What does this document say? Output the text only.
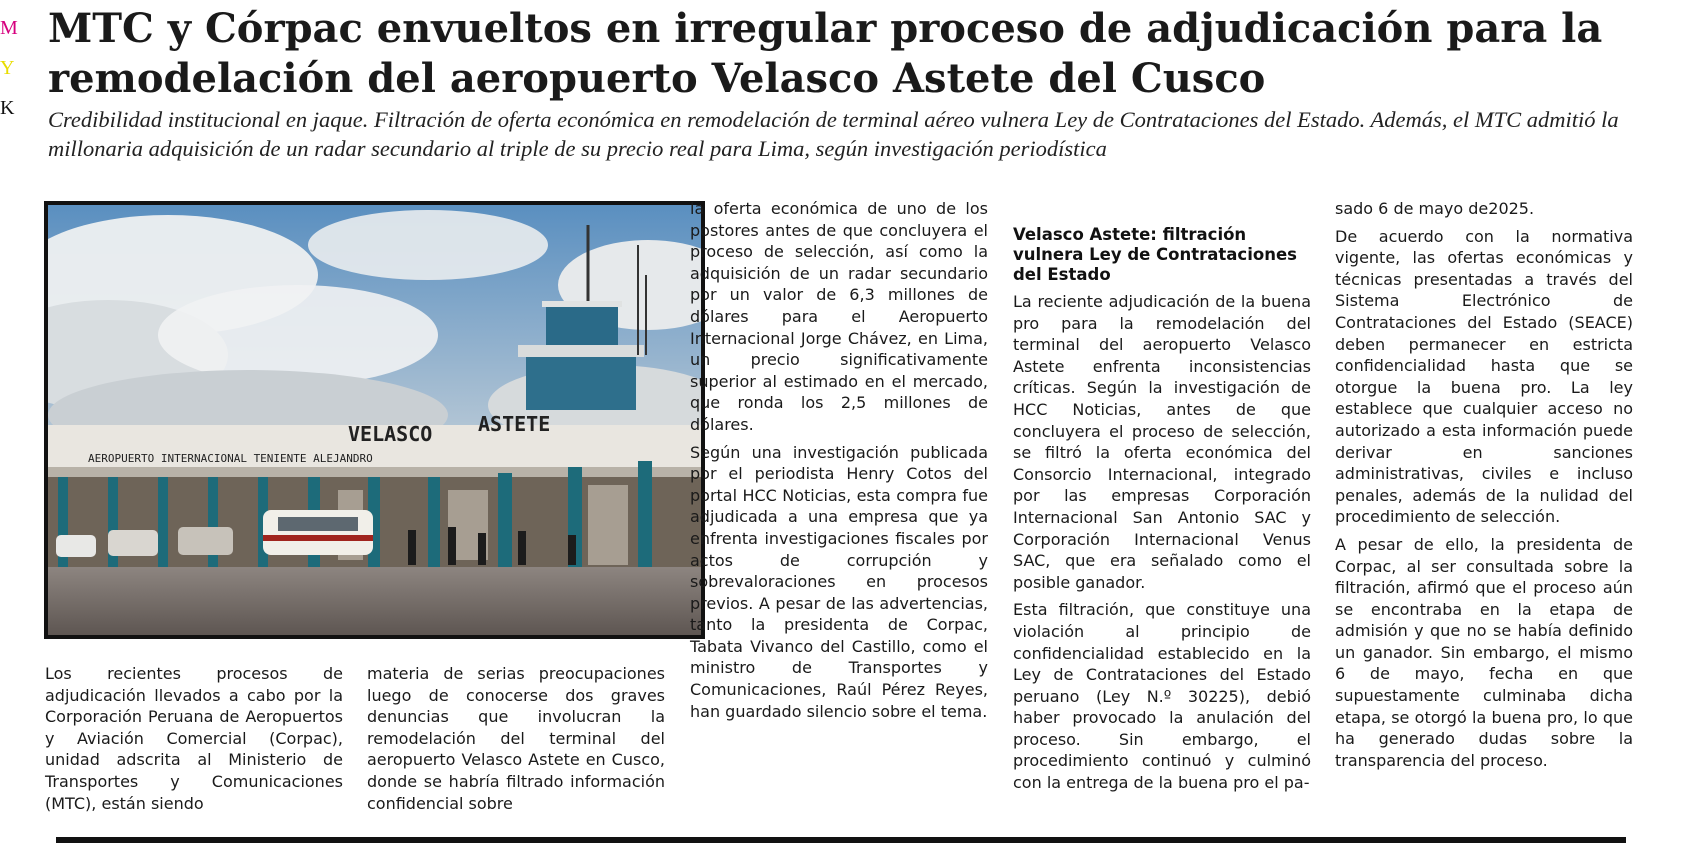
M
Y
K
MTC y Córpac envueltos en irregular proceso de adjudicación para la remodelación del aeropuerto Velasco Astete del Cusco

Credibilidad institucional en jaque. Filtración de oferta económica en remodelación de terminal aéreo vulnera Ley de Contrataciones del Estado. Además, el MTC admitió la millonaria adquisición de un radar secundario al triple de su precio real para Lima, según investigación periodística

AEROPUERTO INTERNACIONAL TENIENTE ALEJANDRO
VELASCO ASTETE

Los recientes procesos de adjudicación llevados a cabo por la Corporación Peruana de Aeropuertos y Aviación Comercial (Corpac), unidad adscrita al Ministerio de Transportes y Comunicaciones (MTC), están siendo

materia de serias preocupaciones luego de conocerse dos graves denuncias que involucran la remodelación del terminal del aeropuerto Velasco Astete en Cusco, donde se habría filtrado información confidencial sobre

la oferta económica de uno de los postores antes de que concluyera el proceso de selección, así como la adquisición de un radar secundario por un valor de 6,3 millones de dólares para el Aeropuerto Internacional Jorge Chávez, en Lima, un precio significativamente superior al estimado en el mercado, que ronda los 2,5 millones de dólares.

Según una investigación publicada por el periodista Henry Cotos del portal HCC Noticias, esta compra fue adjudicada a una empresa que ya enfrenta investigaciones fiscales por actos de corrupción y sobrevaloraciones en procesos previos. A pesar de las advertencias, tanto la presidenta de Corpac, Tabata Vivanco del Castillo, como el ministro de Transportes y Comunicaciones, Raúl Pérez Reyes, han guardado silencio sobre el tema.

Velasco Astete: filtración vulnera Ley de Contrataciones del Estado

La reciente adjudicación de la buena pro para la remodelación del terminal del aeropuerto Velasco Astete enfrenta inconsistencias críticas. Según la investigación de HCC Noticias, antes de que concluyera el proceso de selección, se filtró la oferta económica del Consorcio Internacional, integrado por las empresas Corporación Internacional San Antonio SAC y Corporación Internacional Venus SAC, que era señalado como el posible ganador.

Esta filtración, que constituye una violación al principio de confidencialidad establecido en la Ley de Contrataciones del Estado peruano (Ley N.º 30225), debió haber provocado la anulación del proceso. Sin embargo, el procedimiento continuó y culminó con la entrega de la buena pro el pa-

sado 6 de mayo de2025.

De acuerdo con la normativa vigente, las ofertas económicas y técnicas presentadas a través del Sistema Electrónico de Contrataciones del Estado (SEACE) deben permanecer en estricta confidencialidad hasta que se otorgue la buena pro. La ley establece que cualquier acceso no autorizado a esta información puede derivar en sanciones administrativas, civiles e incluso penales, además de la nulidad del procedimiento de selección.

A pesar de ello, la presidenta de Corpac, al ser consultada sobre la filtración, afirmó que el proceso aún se encontraba en la etapa de admisión y que no se había definido un ganador. Sin embargo, el mismo 6 de mayo, fecha en que supuestamente culminaba dicha etapa, se otorgó la buena pro, lo que ha generado dudas sobre la transparencia del proceso.
